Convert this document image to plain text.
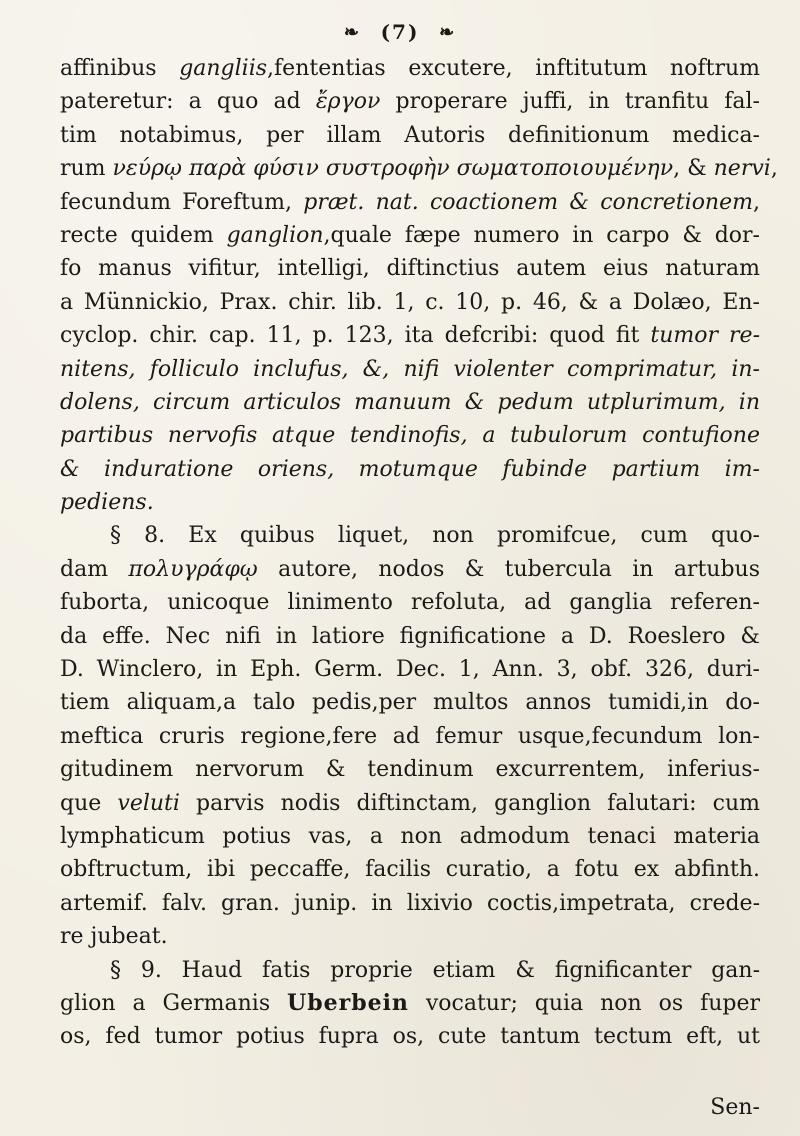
❧ (7) ❧
affinibus gangliis,fententias excutere, inftitutum noftrum
pateretur: a quo ad ἔργον properare juffi, in tranfitu fal-
tim notabimus, per illam Autoris definitionum medica-
rum νεύρῳ παρὰ φύσιν συστροφὴν σωματοποιουμένην, & nervi,
fecundum Foreftum, præt. nat. coactionem & concretionem,
recte quidem ganglion,quale fæpe numero in carpo & dor-
fo manus vifitur, intelligi, diftinctius autem eius naturam
a Münnickio, Prax. chir. lib. 1, c. 10, p. 46, & a Dolæo, En-
cyclop. chir. cap. 11, p. 123, ita defcribi: quod fit tumor re-
nitens, folliculo inclufus, &, nifi violenter comprimatur, in-
dolens, circum articulos manuum & pedum utplurimum, in
partibus nervofis atque tendinofis, a tubulorum contufione
& induratione oriens, motumque fubinde partium im-
pediens.
§ 8. Ex quibus liquet, non promifcue, cum quo-
dam πολυγράφῳ autore, nodos & tubercula in artubus
fuborta, unicoque linimento refoluta, ad ganglia referen-
da effe. Nec nifi in latiore fignificatione a D. Roeslero &
D. Winclero, in Eph. Germ. Dec. 1, Ann. 3, obf. 326, duri-
tiem aliquam,a talo pedis,per multos annos tumidi,in do-
meftica cruris regione,fere ad femur usque,fecundum lon-
gitudinem nervorum & tendinum excurrentem, inferius-
que veluti parvis nodis diftinctam, ganglion falutari: cum
lymphaticum potius vas, a non admodum tenaci materia
obftructum, ibi peccaffe, facilis curatio, a fotu ex abfinth.
artemif. falv. gran. junip. in lixivio coctis,impetrata, crede-
re jubeat.
§ 9. Haud fatis proprie etiam & fignificanter gan-
glion a Germanis Uberbein vocatur; quia non os fuper
os, fed tumor potius fupra os, cute tantum tectum eft, ut
Sen-
